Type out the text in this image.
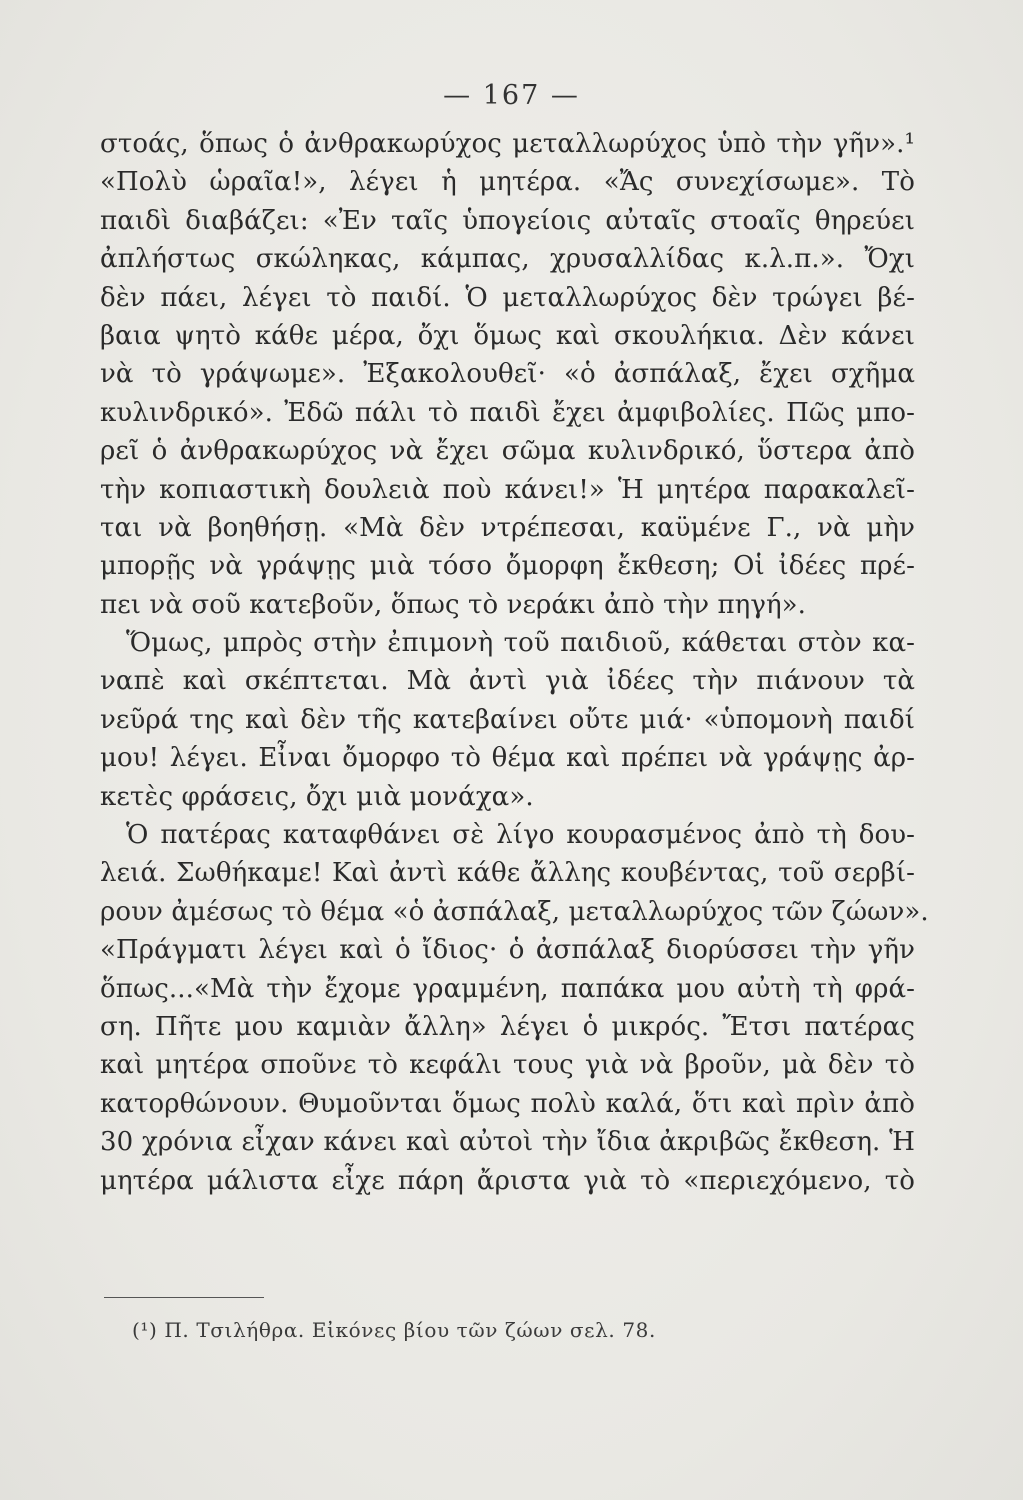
— 167 —
στοάς, ὅπως ὁ ἀνθρακωρύχος μεταλλωρύχος ὑπὸ τὴν γῆν».¹
«Πολὺ ὡραῖα!», λέγει ἡ μητέρα. «Ἄς συνεχίσωμε». Τὸ
παιδὶ διαβάζει: «Ἐν ταῖς ὑπογείοις αὐταῖς στοαῖς θηρεύει
ἀπλήστως σκώληκας, κάμπας, χρυσαλλίδας κ.λ.π.». Ὄχι
δὲν πάει, λέγει τὸ παιδί. Ὁ μεταλλωρύχος δὲν τρώγει βέ-
βαια ψητὸ κάθε μέρα, ὄχι ὅμως καὶ σκουλήκια. Δὲν κάνει
νὰ τὸ γράψωμε». Ἐξακολουθεῖ· «ὁ ἀσπάλαξ, ἔχει σχῆμα
κυλινδρικό». Ἐδῶ πάλι τὸ παιδὶ ἔχει ἀμφιβολίες. Πῶς μπο-
ρεῖ ὁ ἀνθρακωρύχος νὰ ἔχει σῶμα κυλινδρικό, ὕστερα ἀπὸ
τὴν κοπιαστικὴ δουλειὰ ποὺ κάνει!» Ἡ μητέρα παρακαλεῖ-
ται νὰ βοηθήσῃ. «Μὰ δὲν ντρέπεσαι, καϋμένε Γ., νὰ μὴν
μπορῇς νὰ γράψῃς μιὰ τόσο ὄμορφη ἔκθεση; Οἱ ἰδέες πρέ-
πει νὰ σοῦ κατεβοῦν, ὅπως τὸ νεράκι ἀπὸ τὴν πηγή».
Ὅμως, μπρὸς στὴν ἐπιμονὴ τοῦ παιδιοῦ, κάθεται στὸν κα-
ναπὲ καὶ σκέπτεται. Μὰ ἀντὶ γιὰ ἰδέες τὴν πιάνουν τὰ
νεῦρά της καὶ δὲν τῆς κατεβαίνει οὔτε μιά· «ὑπομονὴ παιδί
μου! λέγει. Εἶναι ὄμορφο τὸ θέμα καὶ πρέπει νὰ γράψῃς ἀρ-
κετὲς φράσεις, ὄχι μιὰ μονάχα».
Ὁ πατέρας καταφθάνει σὲ λίγο κουρασμένος ἀπὸ τὴ δου-
λειά. Σωθήκαμε! Καὶ ἀντὶ κάθε ἄλλης κουβέντας, τοῦ σερβί-
ρουν ἀμέσως τὸ θέμα «ὁ ἀσπάλαξ, μεταλλωρύχος τῶν ζώων».
«Πράγματι λέγει καὶ ὁ ἴδιος· ὁ ἀσπάλαξ διορύσσει τὴν γῆν
ὅπως...«Μὰ τὴν ἔχομε γραμμένη, παπάκα μου αὐτὴ τὴ φρά-
ση. Πῆτε μου καμιὰν ἄλλη» λέγει ὁ μικρός. Ἔτσι πατέρας
καὶ μητέρα σποῦνε τὸ κεφάλι τους γιὰ νὰ βροῦν, μὰ δὲν τὸ
κατορθώνουν. Θυμοῦνται ὅμως πολὺ καλά, ὅτι καὶ πρὶν ἀπὸ
30 χρόνια εἶχαν κάνει καὶ αὐτοὶ τὴν ἴδια ἀκριβῶς ἔκθεση. Ἡ
μητέρα μάλιστα εἶχε πάρη ἄριστα γιὰ τὸ «περιεχόμενο, τὸ
(¹) Π. Τσιλήθρα. Εἰκόνες βίου τῶν ζώων σελ. 78.
